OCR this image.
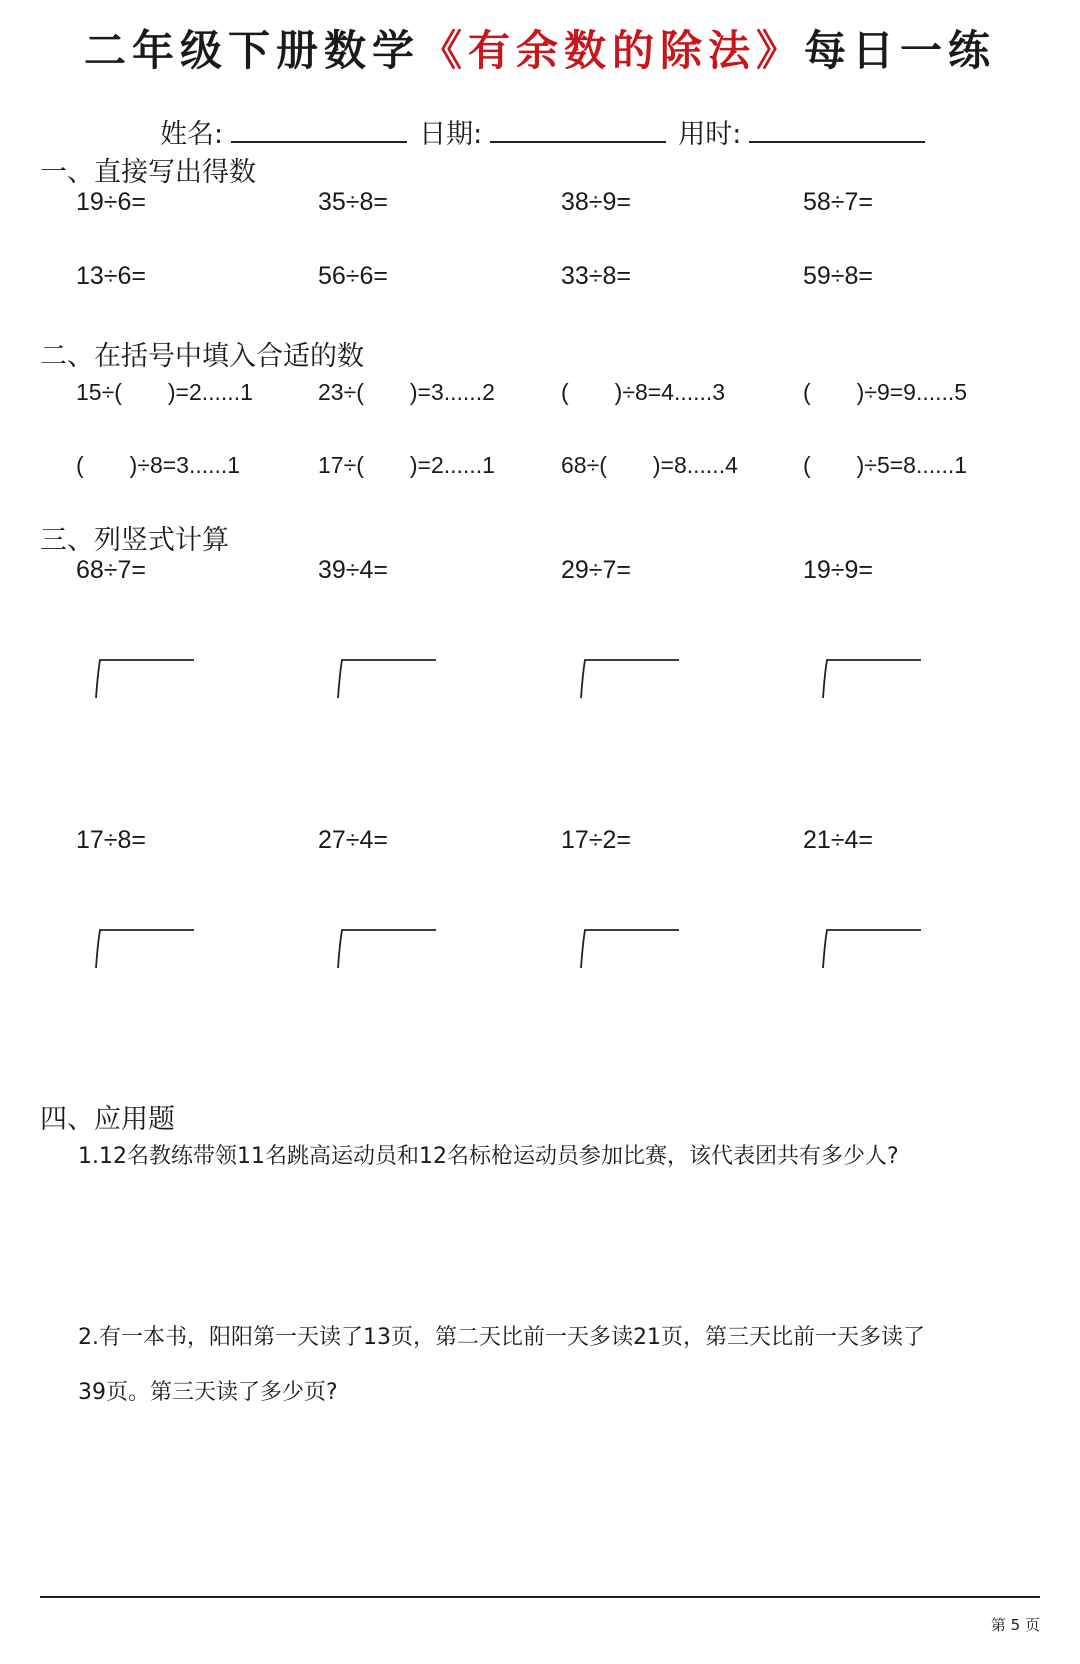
二年级下册数学《有余数的除法》每日一练
姓名:	日期:	用时:
一、直接写出得数
19÷6=	35÷8=	38÷9=	58÷7=
13÷6=	56÷6=	33÷8=	59÷8=
二、在括号中填入合适的数
15÷(　　)=2......1	23÷(　　)=3......2	(　　)÷8=4......3	(　　)÷9=9......5
(　　)÷8=3......1	17÷(　　)=2......1	68÷(　　)=8......4	(　　)÷5=8......1
三、列竖式计算
68÷7=	39÷4=	29÷7=	19÷9=
17÷8=	27÷4=	17÷2=	21÷4=
四、应用题
1.12名教练带领11名跳高运动员和12名标枪运动员参加比赛，该代表团共有多少人?
2.有一本书，阳阳第一天读了13页，第二天比前一天多读21页，第三天比前一天多读了
39页。第三天读了多少页?
第 5 页
